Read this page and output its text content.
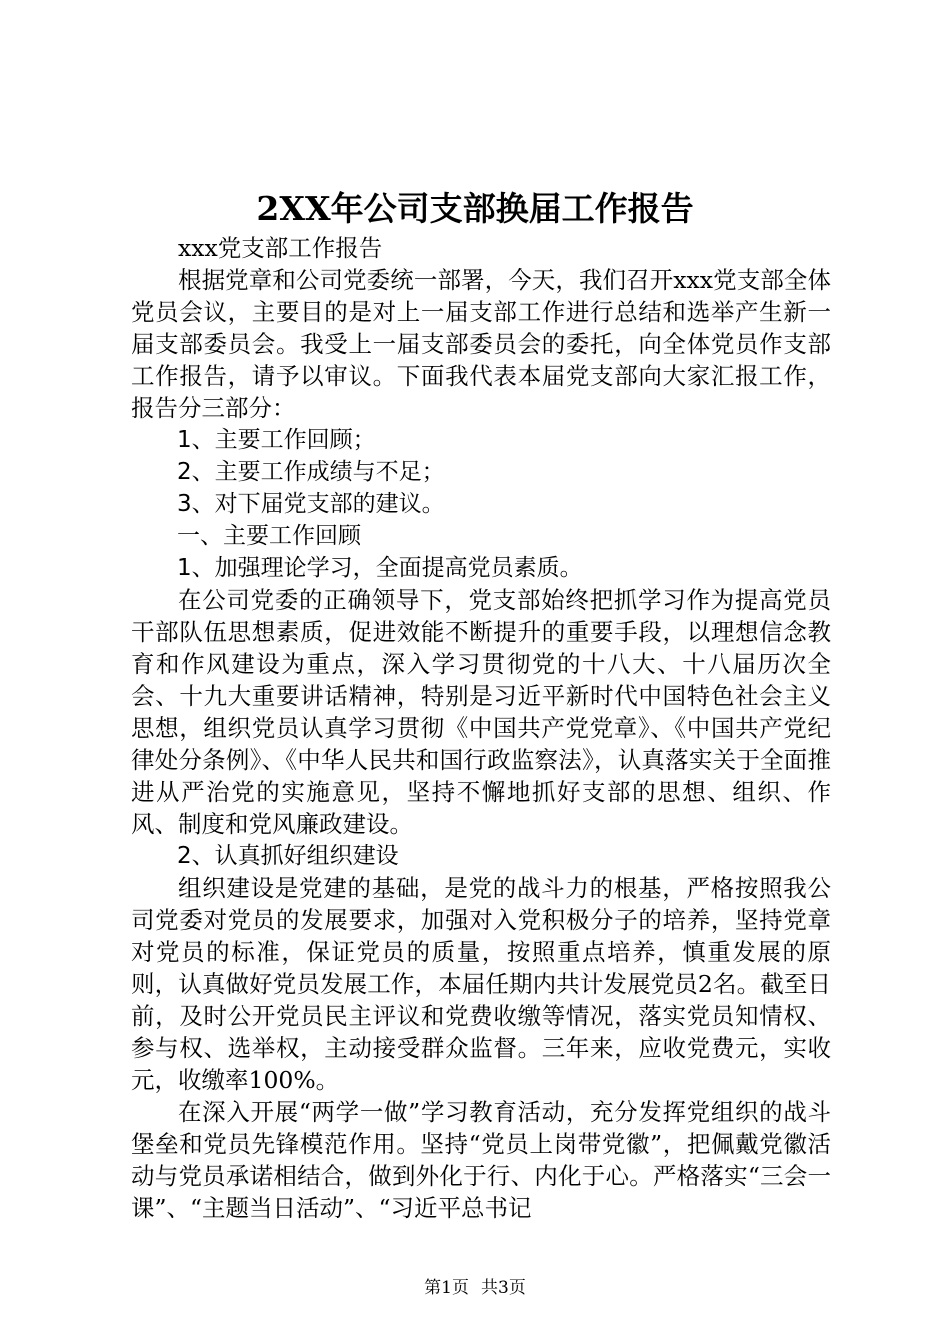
2XX年公司支部换届工作报告

xxx党支部工作报告

根据党章和公司党委统一部署，今天，我们召开xxx党支部全体党员会议，主要目的是对上一届支部工作进行总结和选举产生新一届支部委员会。我受上一届支部委员会的委托，向全体党员作支部工作报告，请予以审议。下面我代表本届党支部向大家汇报工作，报告分三部分：

1、主要工作回顾；

2、主要工作成绩与不足；

3、对下届党支部的建议。

一、主要工作回顾

1、加强理论学习，全面提高党员素质。

在公司党委的正确领导下，党支部始终把抓学习作为提高党员干部队伍思想素质，促进效能不断提升的重要手段，以理想信念教育和作风建设为重点，深入学习贯彻党的十八大、十八届历次全会、十九大重要讲话精神，特别是习近平新时代中国特色社会主义思想，组织党员认真学习贯彻《中国共产党党章》、《中国共产党纪律处分条例》、《中华人民共和国行政监察法》，认真落实关于全面推进从严治党的实施意见，坚持不懈地抓好支部的思想、组织、作风、制度和党风廉政建设。

2、认真抓好组织建设

组织建设是党建的基础，是党的战斗力的根基，严格按照我公司党委对党员的发展要求，加强对入党积极分子的培养，坚持党章对党员的标准，保证党员的质量，按照重点培养，慎重发展的原则，认真做好党员发展工作，本届任期内共计发展党员2名。截至日前，及时公开党员民主评议和党费收缴等情况，落实党员知情权、参与权、选举权，主动接受群众监督。三年来，应收党费元，实收元，收缴率100%。

在深入开展“两学一做”学习教育活动，充分发挥党组织的战斗堡垒和党员先锋模范作用。坚持“党员上岗带党徽”，把佩戴党徽活动与党员承诺相结合，做到外化于行、内化于心。严格落实“三会一课”、“主题当日活动”、“习近平总书记

第1页 共3页
